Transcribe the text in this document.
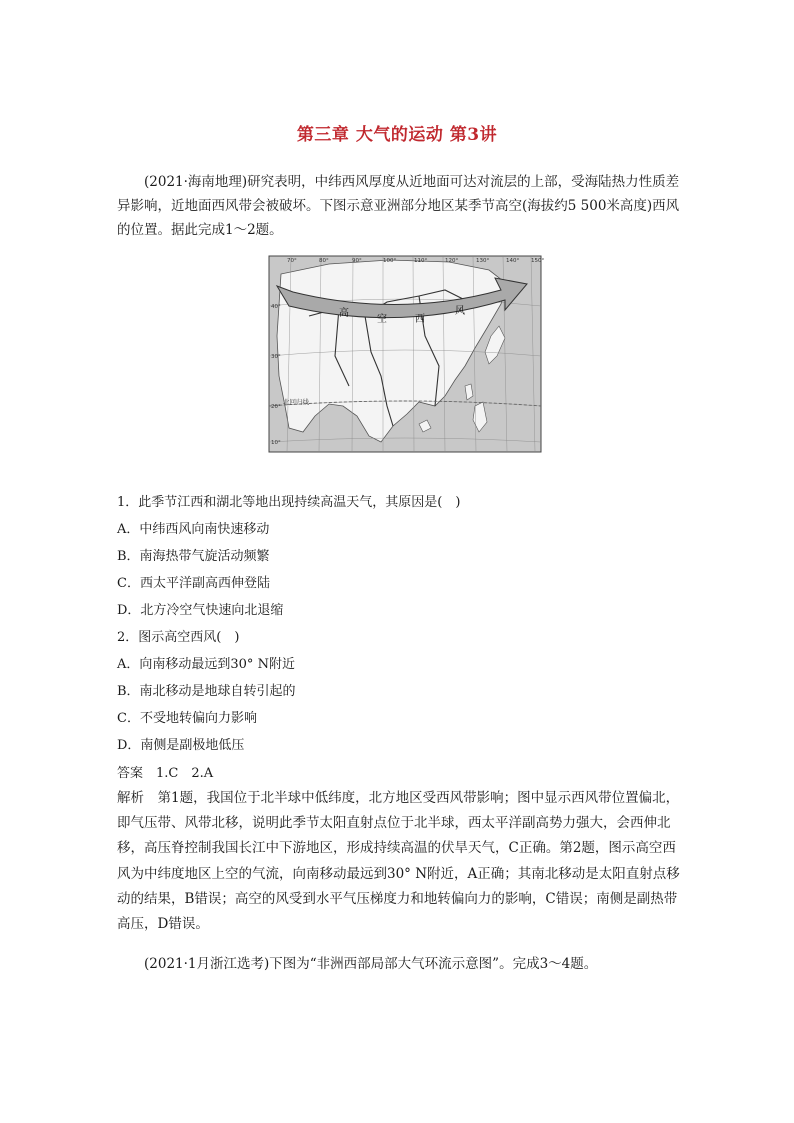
第三章 大气的运动 第3讲
(2021·海南地理)研究表明，中纬西风厚度从近地面可达对流层的上部，受海陆热力性质差异影响，近地面西风带会被破坏。下图示意亚洲部分地区某季节高空(海拔约5 500米高度)西风的位置。据此完成1～2题。
北回归线
高
空	西
风
70°	80°	90°	100°	110°	120°	130°	140° 150°
40°
30°
20°
10°
1．此季节江西和湖北等地出现持续高温天气，其原因是(　)
A．中纬西风向南快速移动
B．南海热带气旋活动频繁
C．西太平洋副高西伸登陆
D．北方冷空气快速向北退缩
2．图示高空西风(　)
A．向南移动最远到30° N附近
B．南北移动是地球自转引起的
C．不受地转偏向力影响
D．南侧是副极地低压
答案　1.C　2.A
解析　第1题，我国位于北半球中低纬度，北方地区受西风带影响；图中显示西风带位置偏北，即气压带、风带北移，说明此季节太阳直射点位于北半球，西太平洋副高势力强大，会西伸北移，高压脊控制我国长江中下游地区，形成持续高温的伏旱天气，C正确。第2题，图示高空西风为中纬度地区上空的气流，向南移动最远到30° N附近，A正确；其南北移动是太阳直射点移动的结果，B错误；高空的风受到水平气压梯度力和地转偏向力的影响，C错误；南侧是副热带高压，D错误。
(2021·1月浙江选考)下图为“非洲西部局部大气环流示意图”。完成3～4题。
